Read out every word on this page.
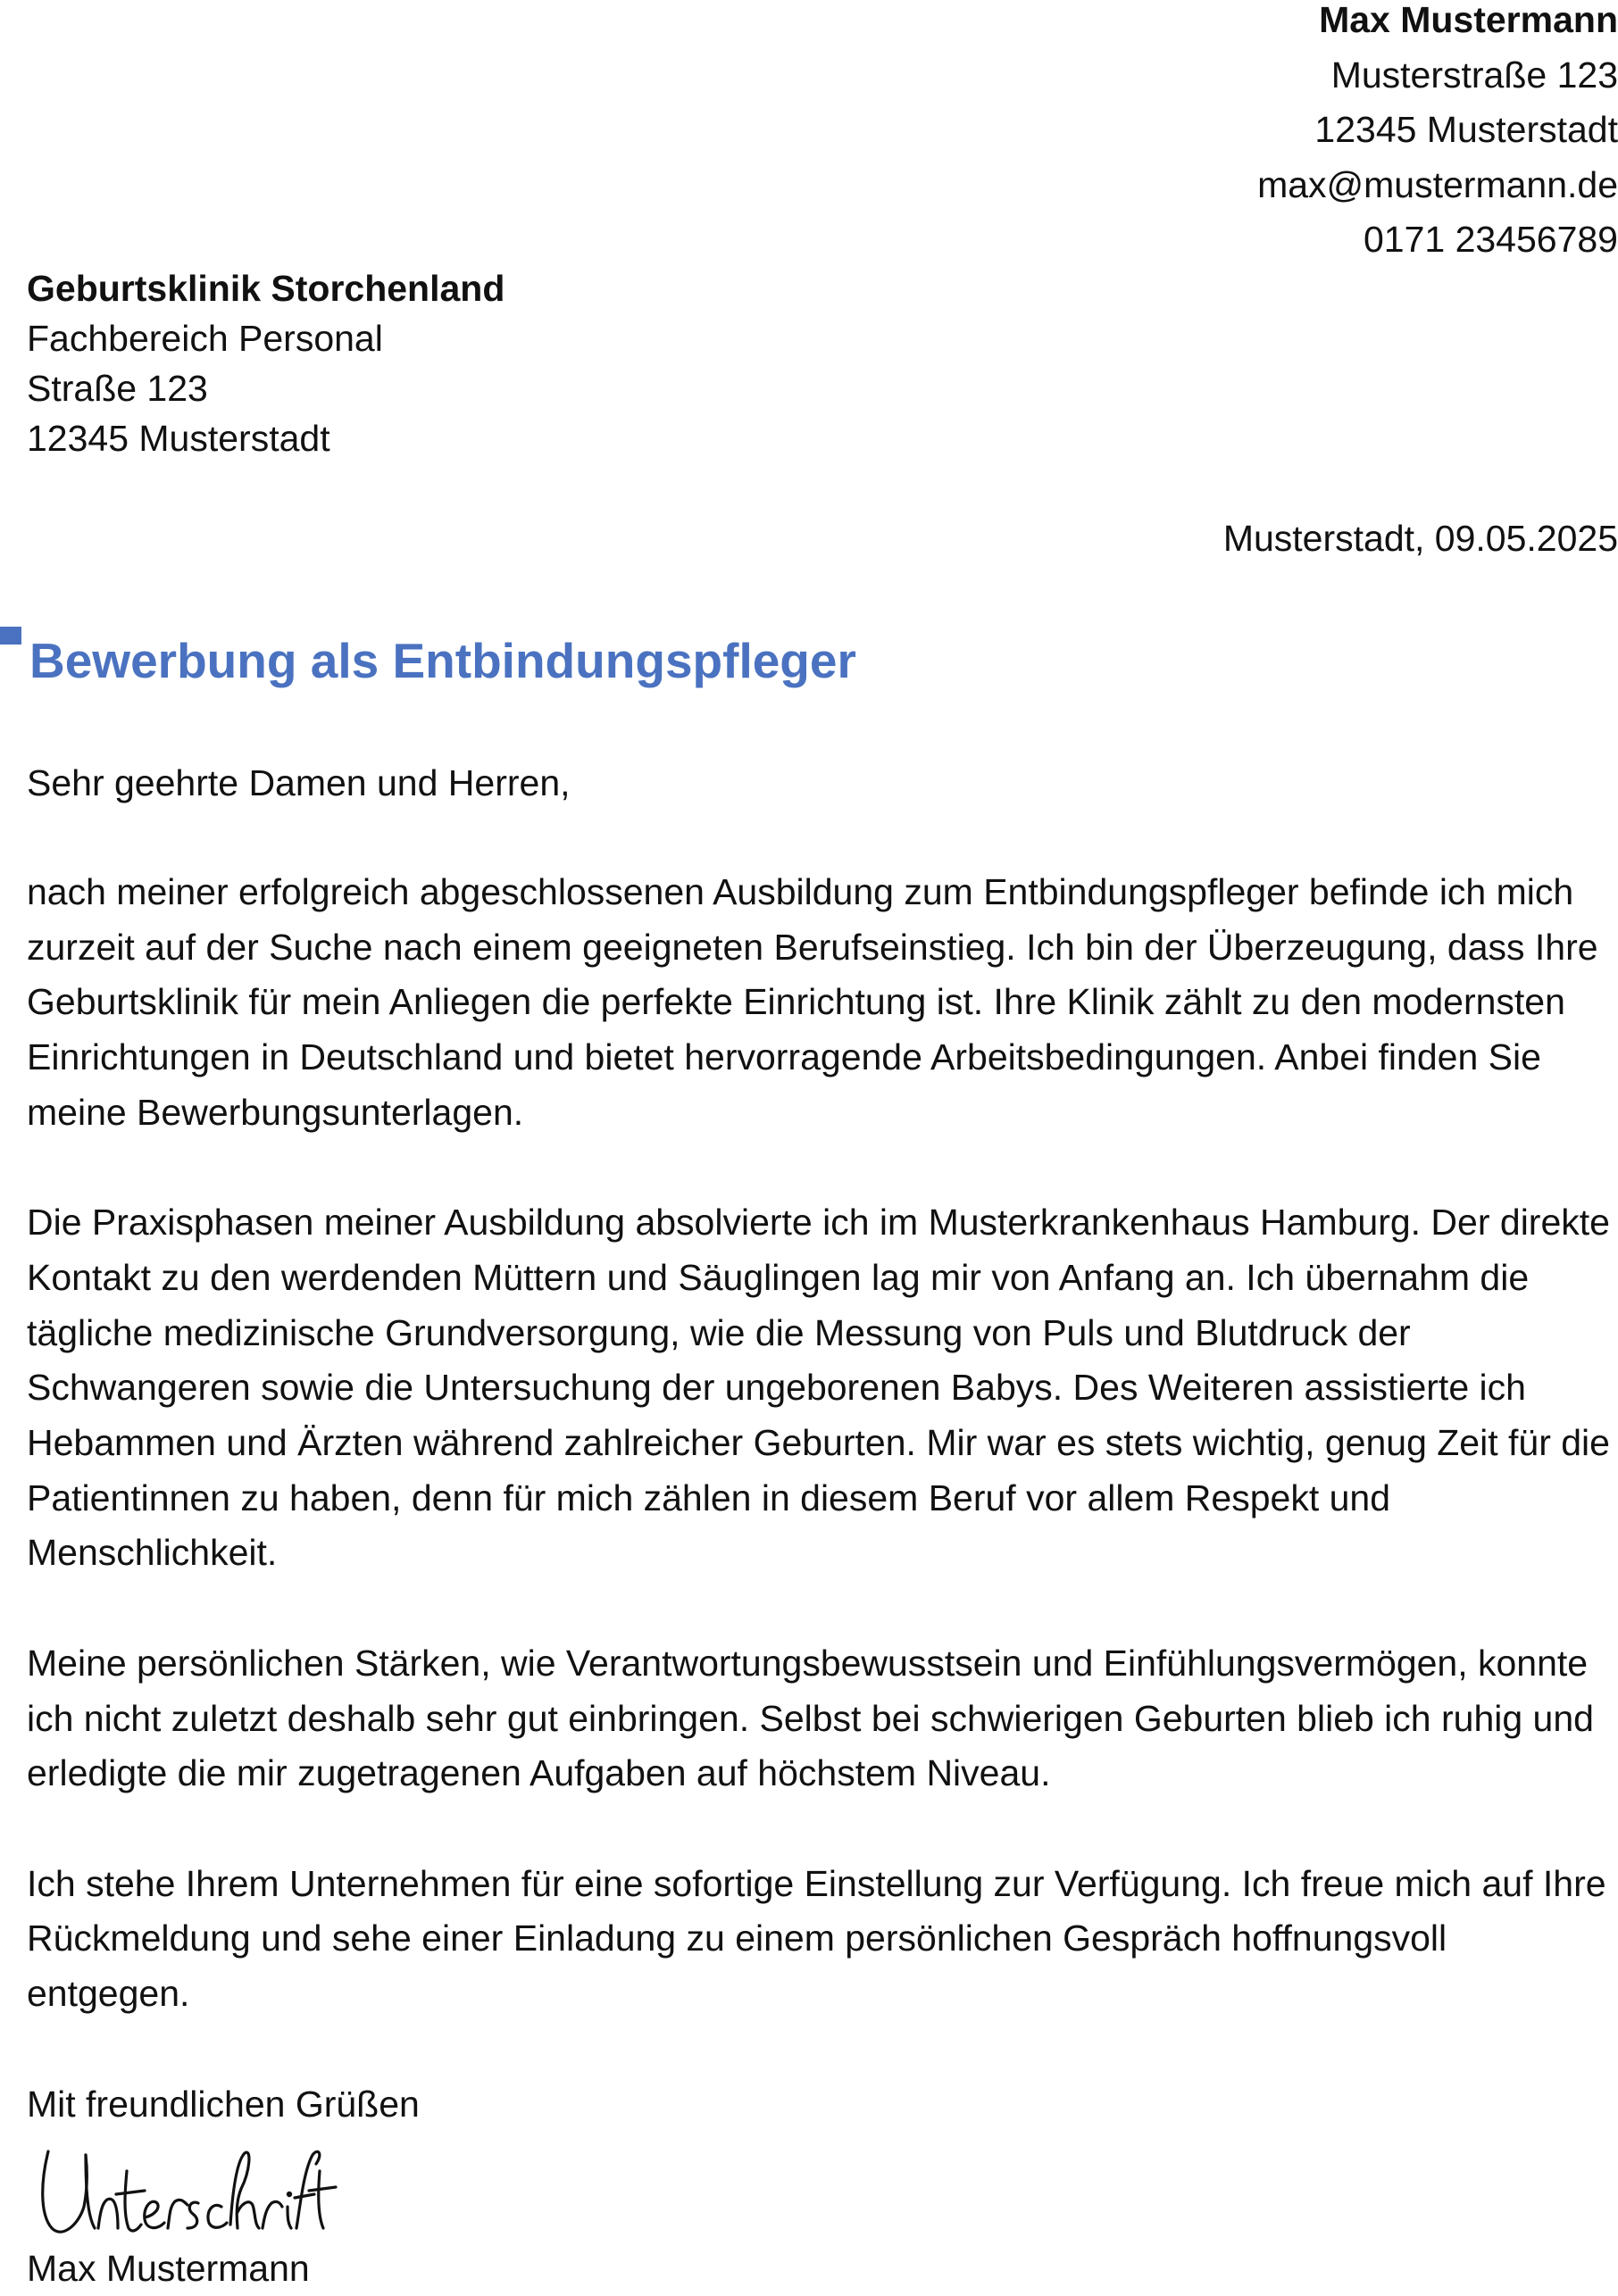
Max Mustermann
Musterstraße 123
12345 Musterstadt
max@mustermann.de
0171 23456789
Geburtsklinik Storchenland
Fachbereich Personal
Straße 123
12345 Musterstadt
Musterstadt, 09.05.2025
Bewerbung als Entbindungspfleger
Sehr geehrte Damen und Herren,

nach meiner erfolgreich abgeschlossenen Ausbildung zum Entbindungspfleger befinde ich mich zurzeit auf der Suche nach einem geeigneten Berufseinstieg. Ich bin der Überzeugung, dass Ihre Geburtsklinik für mein Anliegen die perfekte Einrichtung ist. Ihre Klinik zählt zu den modernsten Einrichtungen in Deutschland und bietet hervorragende Arbeitsbedingungen. Anbei finden Sie meine Bewerbungsunterlagen.

Die Praxisphasen meiner Ausbildung absolvierte ich im Musterkrankenhaus Hamburg. Der direkte Kontakt zu den werdenden Müttern und Säuglingen lag mir von Anfang an. Ich übernahm die tägliche medizinische Grundversorgung, wie die Messung von Puls und Blutdruck der Schwangeren sowie die Untersuchung der ungeborenen Babys. Des Weiteren assistierte ich Hebammen und Ärzten während zahlreicher Geburten. Mir war es stets wichtig, genug Zeit für die Patientinnen zu haben, denn für mich zählen in diesem Beruf vor allem Respekt und Menschlichkeit.

Meine persönlichen Stärken, wie Verantwortungsbewusstsein und Einfühlungsvermögen, konnte ich nicht zuletzt deshalb sehr gut einbringen. Selbst bei schwierigen Geburten blieb ich ruhig und erledigte die mir zugetragenen Aufgaben auf höchstem Niveau.

Ich stehe Ihrem Unternehmen für eine sofortige Einstellung zur Verfügung. Ich freue mich auf Ihre Rückmeldung und sehe einer Einladung zu einem persönlichen Gespräch hoffnungsvoll entgegen.

Mit freundlichen Grüßen
Max Mustermann
